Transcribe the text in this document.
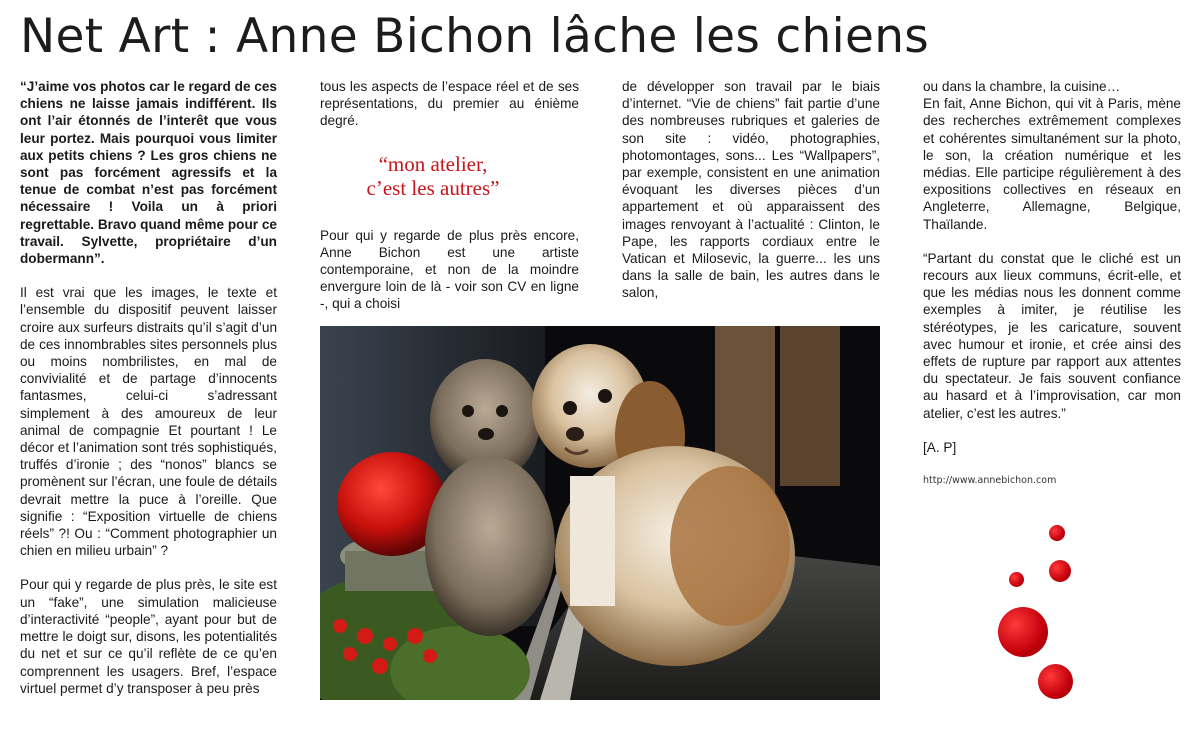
Net Art : Anne Bichon lâche les chiens

“J’aime vos photos car le regard de ces chiens ne laisse jamais indifférent. Ils ont l’air étonnés de l’interêt que vous leur portez. Mais pourquoi vous limiter aux petits chiens ? Les gros chiens ne sont pas forcément agressifs et la tenue de combat n’est pas forcément nécessaire ! Voila un à priori regrettable. Bravo quand même pour ce travail. Sylvette, propriétaire d’un dobermann”.

Il est vrai que les images, le texte et l’ensemble du dispositif peuvent laisser croire aux surfeurs distraits qu’il s’agit d’un de ces innombrables sites personnels plus ou moins nombrilistes, en mal de convivialité et de partage d’innocents fantasmes, celui-ci s’adressant simplement à des amoureux de leur animal de compagnie Et pourtant ! Le décor et l’animation sont trés sophistiqués, truffés d’ironie ; des “nonos” blancs se promènent sur l’écran, une foule de détails devrait mettre la puce à l’oreille. Que signifie : “Exposition virtuelle de chiens réels” ?! Ou : “Comment photographier un chien en milieu urbain” ?

Pour qui y regarde de plus près, le site est un “fake”, une simulation malicieuse d’interactivité “people”, ayant pour but de mettre le doigt sur, disons, les potentialités du net et sur ce qu’il reflète de ce qu’en comprennent les usagers. Bref, l’espace virtuel permet d’y transposer à peu près

tous les aspects de l’espace réel et de ses représentations, du premier au énième degré.

Pour qui y regarde de plus près encore, Anne Bichon est une artiste contemporaine, et non de la moindre envergure loin de là - voir son CV en ligne -, qui a choisi

“mon atelier,
c’est les autres”

de développer son travail par le biais d’internet. “Vie de chiens” fait partie d’une des nombreuses rubriques et galeries de son site : vidéo, photographies, photomontages, sons... Les “Wallpapers”, par exemple, consistent en une animation évoquant les diverses pièces d’un appartement et où apparaissent des images renvoyant à l’actualité : Clinton, le Pape, les rapports cordiaux entre le Vatican et Milosevic, la guerre... les uns dans la salle de bain, les autres dans le salon,

ou dans la chambre, la cuisine…
En fait, Anne Bichon, qui vit à Paris, mène des recherches extrêmement complexes et cohérentes simultanément sur la photo, le son, la création numérique et les médias. Elle participe régulièrement à des expositions collectives en réseaux en Angleterre, Allemagne, Belgique, Thaïlande.

“Partant du constat que le cliché est un recours aux lieux communs, écrit-elle, et que les médias nous les donnent comme exemples à imiter, je réutilise les stéréotypes, je les caricature, souvent avec humour et ironie, et crée ainsi des effets de rupture par rapport aux attentes du spectateur. Je fais souvent confiance au hasard et à l’improvisation, car mon atelier, c’est les autres.”

[A. P]

http://www.annebichon.com
